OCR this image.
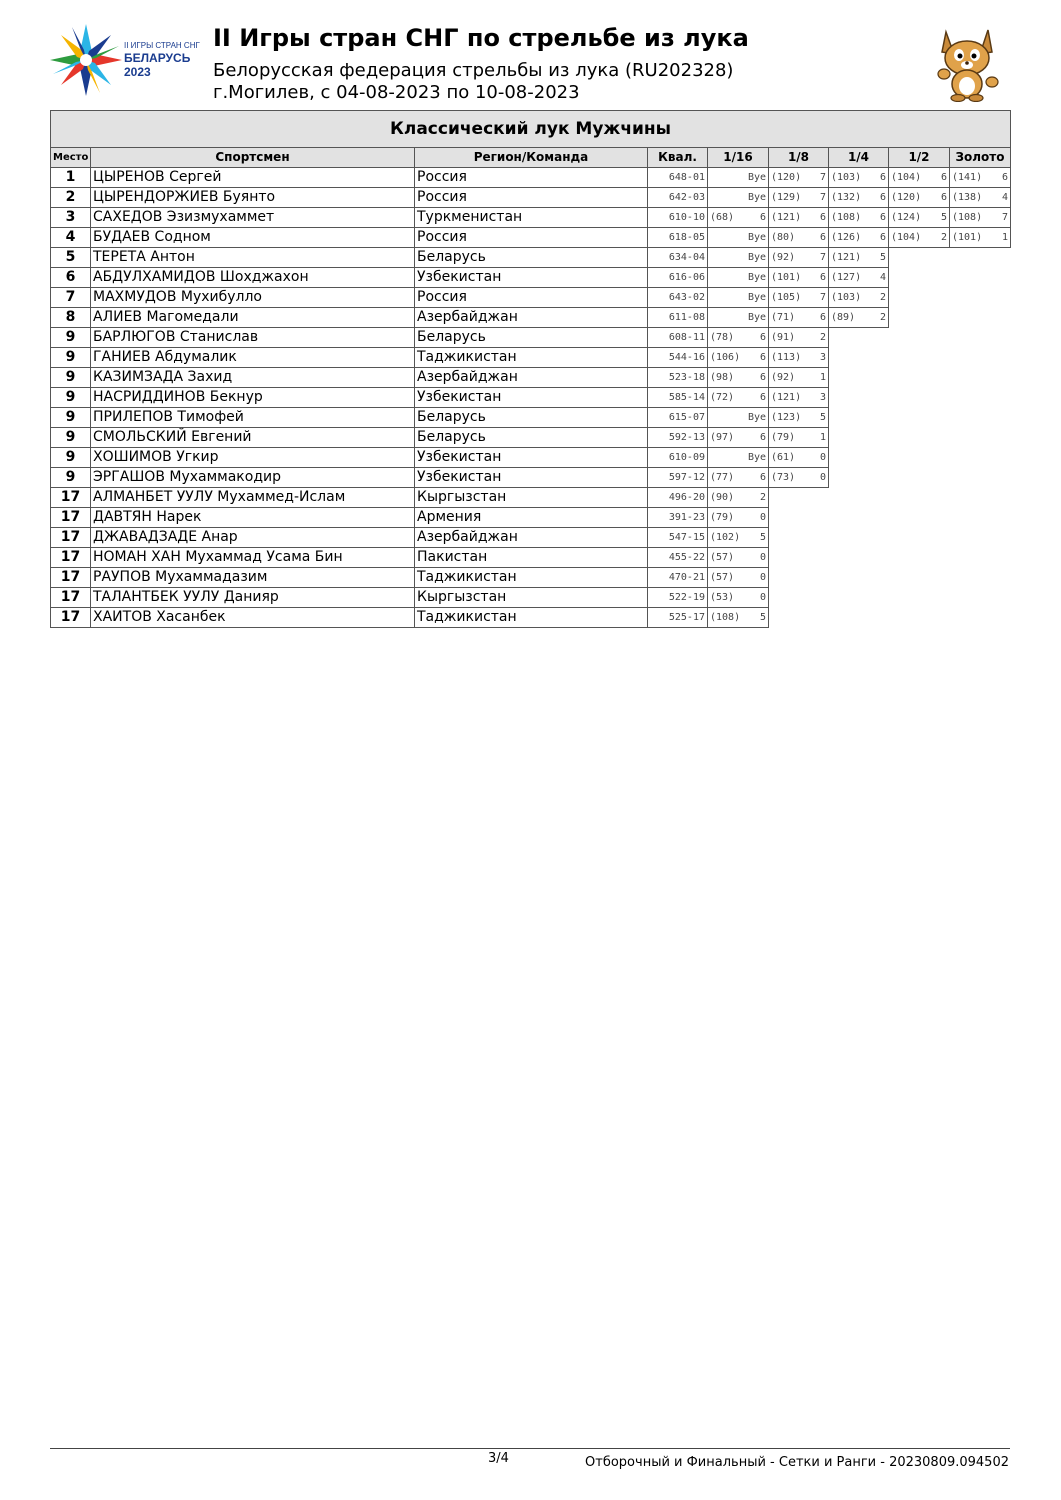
II ИГРЫ СТРАН СНГ
БЕЛАРУСЬ
2023
II Игры стран СНГ по стрельбе из лука
Белорусская федерация стрельбы из лука (RU202328)
г.Могилев, с 04-08-2023 по 10-08-2023
Классический лук Мужчины								
Место	Спортсмен	Регион/Команда	Квал.	1/16	1/8	1/4	1/2	Золото
1	ЦЫРЕНОВ Сергей	Россия	648-01	Bye	(120) 7	(103) 6	(104) 6	(141) 6

2	ЦЫРЕНДОРЖИЕВ Буянто	Россия	642-03	Bye	(129) 7	(132) 6	(120) 6	(138) 4

3	САХЕДОВ Эзизмухаммет	Туркменистан	610-10	(68) 6	(121) 6	(108) 6	(124) 5	(108) 7

4	БУДАЕВ Содном	Россия	618-05	Bye	(80) 6	(126) 6	(104) 2	(101) 1

5	ТЕРЕТА Антон	Беларусь	634-04	Bye	(92) 7	(121) 5		

6	АБДУЛХАМИДОВ Шохджахон	Узбекистан	616-06	Bye	(101) 6	(127) 4		

7	МАХМУДОВ Мухибулло	Россия	643-02	Bye	(105) 7	(103) 2		

8	АЛИЕВ Магомедали	Азербайджан	611-08	Bye	(71) 6	(89) 2		

9	БАРЛЮГОВ Станислав	Беларусь	608-11	(78) 6	(91) 2			

9	ГАНИЕВ Абдумалик	Таджикистан	544-16	(106) 6	(113) 3			

9	КАЗИМЗАДА Захид	Азербайджан	523-18	(98) 6	(92) 1			

9	НАСРИДДИНОВ Бекнур	Узбекистан	585-14	(72) 6	(121) 3			

9	ПРИЛЕПОВ Тимофей	Беларусь	615-07	Bye	(123) 5			

9	СМОЛЬСКИЙ Евгений	Беларусь	592-13	(97) 6	(79) 1			

9	ХОШИМОВ Угкир	Узбекистан	610-09	Bye	(61) 0			

9	ЭРГАШОВ Мухаммакодир	Узбекистан	597-12	(77) 6	(73) 0			

17	АЛМАНБЕТ УУЛУ Мухаммед-Ислам	Кыргызстан	496-20	(90) 2				

17	ДАВТЯН Нарек	Армения	391-23	(79) 0				

17	ДЖАВАДЗАДЕ Анар	Азербайджан	547-15	(102) 5				

17	НОМАН ХАН Мухаммад Усама Бин	Пакистан	455-22	(57) 0				

17	РАУПОВ Мухаммадазим	Таджикистан	470-21	(57) 0				

17	ТАЛАНТБЕК УУЛУ Данияр	Кыргызстан	522-19	(53) 0				

17	ХАИТОВ Хасанбек	Таджикистан	525-17	(108) 5				

3/4	Отборочный и Финальный - Сетки и Ранги - 20230809.094502
